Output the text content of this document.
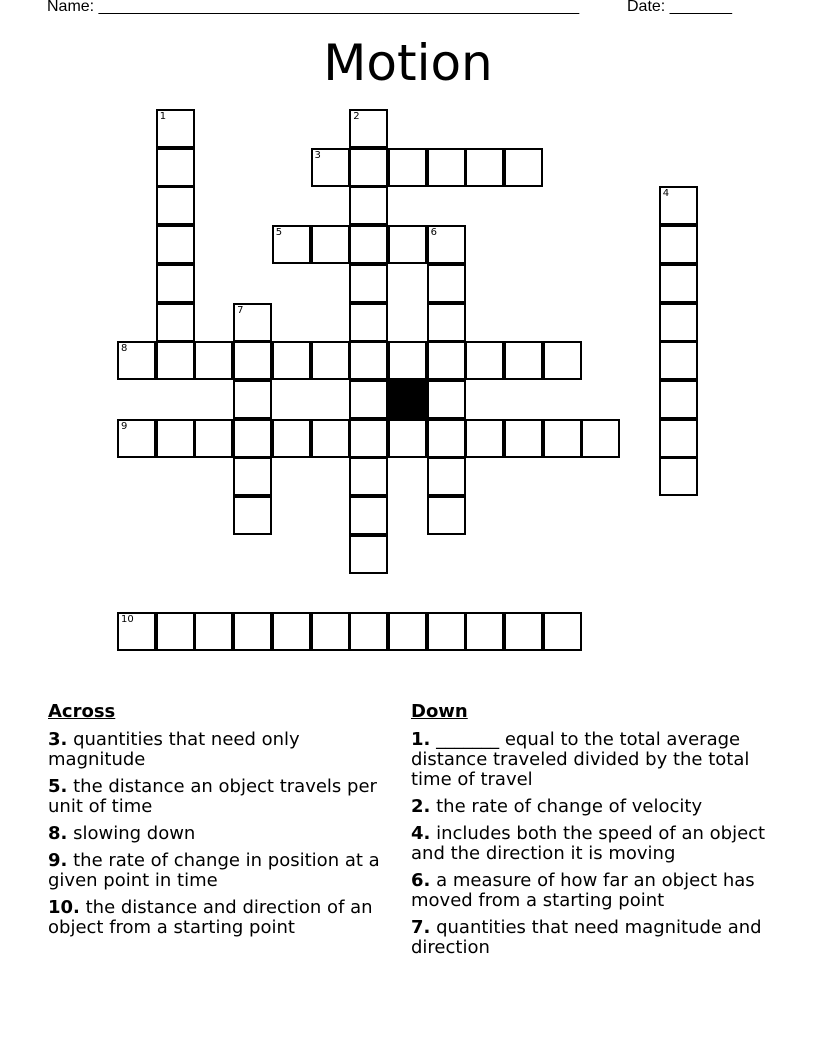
Name: ______________________________________________________	Date: _______
Motion
1	2
3
4
5	6
7
8
9
10
Across
3. quantities that need only magnitude
5. the distance an object travels per unit of time
8. slowing down
9. the rate of change in position at a given point in time
10. the distance and direction of an object from a starting point
Down
1. _______ equal to the total average distance traveled divided by the total time of travel
2. the rate of change of velocity
4. includes both the speed of an object and the direction it is moving
6. a measure of how far an object has moved from a starting point
7. quantities that need magnitude and direction
